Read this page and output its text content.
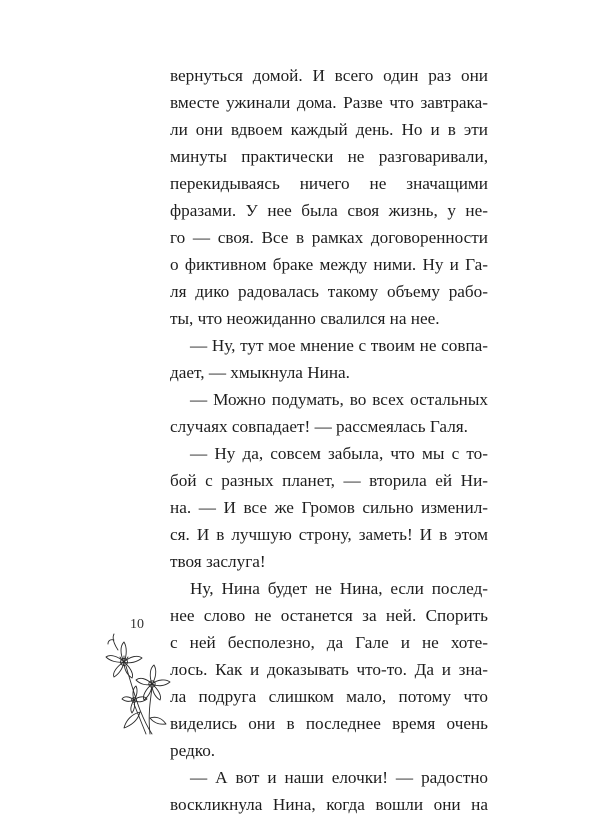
вернуться домой. И всего один раз они
вместе ужинали дома. Разве что завтрака-
ли они вдвоем каждый день. Но и в эти
минуты практически не разговаривали,
перекидываясь ничего не значащими
фразами. У нее была своя жизнь, у не-
го — своя. Все в рамках договоренности
о фиктивном браке между ними. Ну и Га-
ля дико радовалась такому объему рабо-
ты, что неожиданно свалился на нее.
— Ну, тут мое мнение с твоим не совпа-
дает, — хмыкнула Нина.
— Можно подумать, во всех остальных
случаях совпадает! — рассмеялась Галя.
— Ну да, совсем забыла, что мы с то-
бой с разных планет, — вторила ей Ни-
на. — И все же Громов сильно изменил-
ся. И в лучшую строну, заметь! И в этом
твоя заслуга!
Ну, Нина будет не Нина, если послед-
нее слово не останется за ней. Спорить
с ней бесполезно, да Гале и не хоте-
лось. Как и доказывать что-то. Да и зна-
ла подруга слишком мало, потому что
виделись они в последнее время очень
редко.
— А вот и наши елочки! — радостно
воскликнула Нина, когда вошли они на
10
